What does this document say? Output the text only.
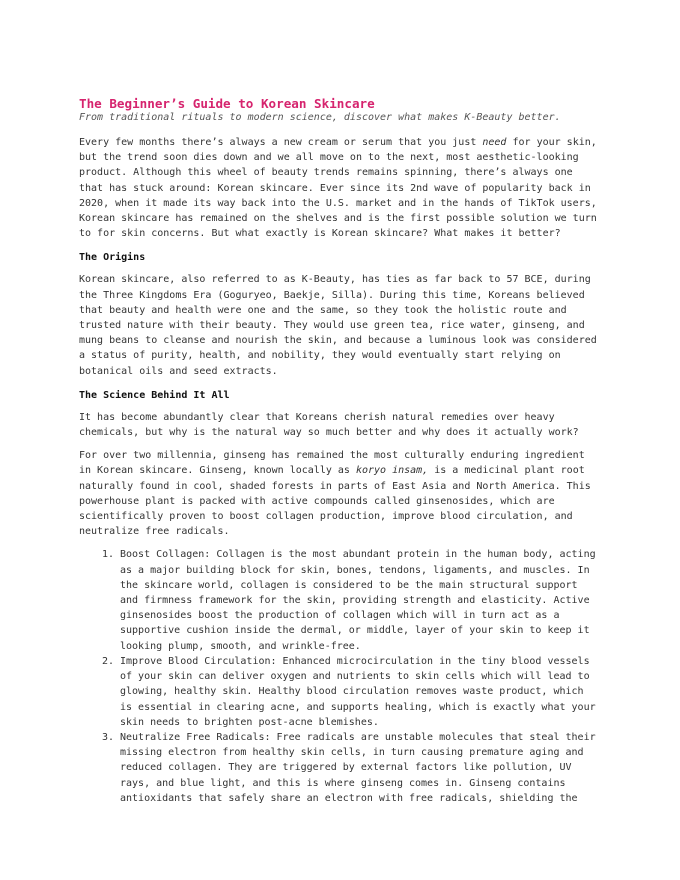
The Beginner’s Guide to Korean Skincare
From traditional rituals to modern science, discover what makes K-Beauty better.

Every few months there’s always a new cream or serum that you just need for your skin, but the trend soon dies down and we all move on to the next, most aesthetic-looking product. Although this wheel of beauty trends remains spinning, there’s always one that has stuck around: Korean skincare. Ever since its 2nd wave of popularity back in 2020, when it made its way back into the U.S. market and in the hands of TikTok users, Korean skincare has remained on the shelves and is the first possible solution we turn to for skin concerns. But what exactly is Korean skincare? What makes it better?

The Origins

Korean skincare, also referred to as K-Beauty, has ties as far back to 57 BCE, during the Three Kingdoms Era (Goguryeo, Baekje, Silla). During this time, Koreans believed that beauty and health were one and the same, so they took the holistic route and trusted nature with their beauty. They would use green tea, rice water, ginseng, and mung beans to cleanse and nourish the skin, and because a luminous look was considered a status of purity, health, and nobility, they would eventually start relying on botanical oils and seed extracts.

The Science Behind It All

It has become abundantly clear that Koreans cherish natural remedies over heavy chemicals, but why is the natural way so much better and why does it actually work?

For over two millennia, ginseng has remained the most culturally enduring ingredient in Korean skincare. Ginseng, known locally as koryo insam, is a medicinal plant root naturally found in cool, shaded forests in parts of East Asia and North America. This powerhouse plant is packed with active compounds called ginsenosides, which are scientifically proven to boost collagen production, improve blood circulation, and neutralize free radicals.

1. Boost Collagen: Collagen is the most abundant protein in the human body, acting as a major building block for skin, bones, tendons, ligaments, and muscles. In the skincare world, collagen is considered to be the main structural support and firmness framework for the skin, providing strength and elasticity. Active ginsenosides boost the production of collagen which will in turn act as a supportive cushion inside the dermal, or middle, layer of your skin to keep it looking plump, smooth, and wrinkle-free.
2. Improve Blood Circulation: Enhanced microcirculation in the tiny blood vessels of your skin can deliver oxygen and nutrients to skin cells which will lead to glowing, healthy skin. Healthy blood circulation removes waste product, which is essential in clearing acne, and supports healing, which is exactly what your skin needs to brighten post-acne blemishes.
3. Neutralize Free Radicals: Free radicals are unstable molecules that steal their missing electron from healthy skin cells, in turn causing premature aging and reduced collagen. They are triggered by external factors like pollution, UV rays, and blue light, and this is where ginseng comes in. Ginseng contains antioxidants that safely share an electron with free radicals, shielding the
